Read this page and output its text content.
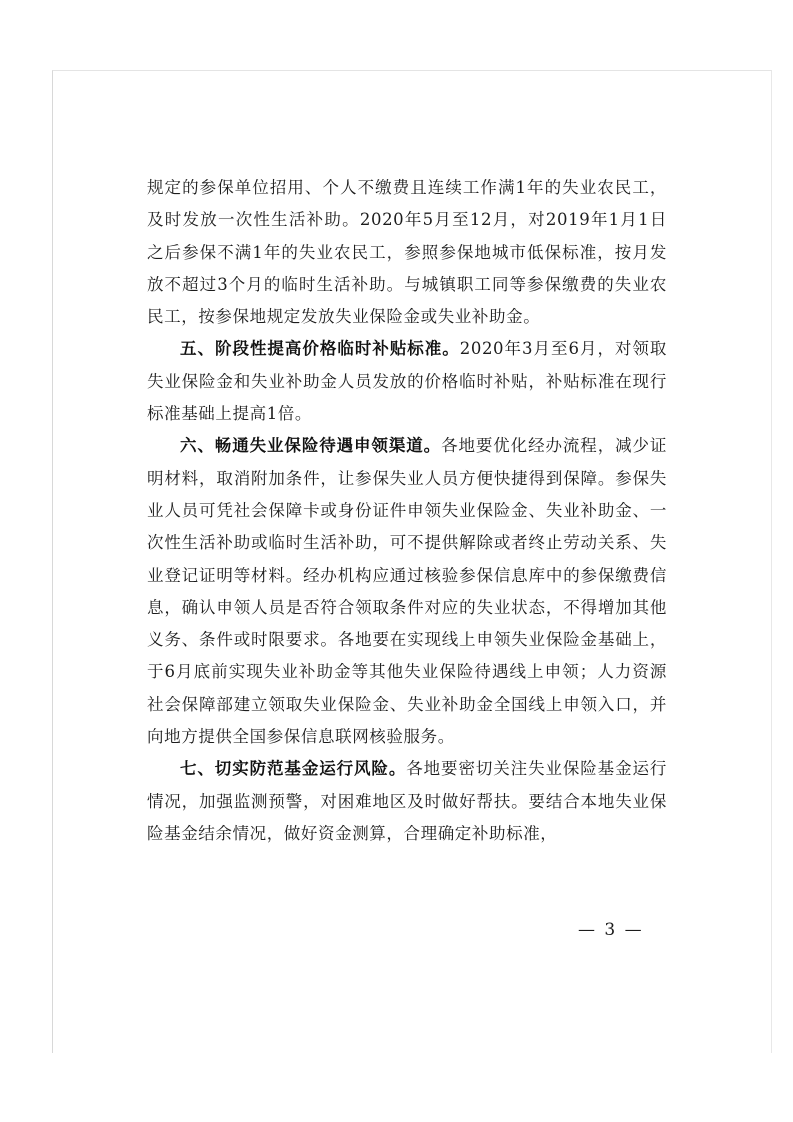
规定的参保单位招用、个人不缴费且连续工作满1年的失业农民工，及时发放一次性生活补助。2020年5月至12月，对2019年1月1日之后参保不满1年的失业农民工，参照参保地城市低保标准，按月发放不超过3个月的临时生活补助。与城镇职工同等参保缴费的失业农民工，按参保地规定发放失业保险金或失业补助金。

五、阶段性提高价格临时补贴标准。2020年3月至6月，对领取失业保险金和失业补助金人员发放的价格临时补贴，补贴标准在现行标准基础上提高1倍。

六、畅通失业保险待遇申领渠道。各地要优化经办流程，减少证明材料，取消附加条件，让参保失业人员方便快捷得到保障。参保失业人员可凭社会保障卡或身份证件申领失业保险金、失业补助金、一次性生活补助或临时生活补助，可不提供解除或者终止劳动关系、失业登记证明等材料。经办机构应通过核验参保信息库中的参保缴费信息，确认申领人员是否符合领取条件对应的失业状态，不得增加其他义务、条件或时限要求。各地要在实现线上申领失业保险金基础上，于6月底前实现失业补助金等其他失业保险待遇线上申领；人力资源社会保障部建立领取失业保险金、失业补助金全国线上申领入口，并向地方提供全国参保信息联网核验服务。

七、切实防范基金运行风险。各地要密切关注失业保险基金运行情况，加强监测预警，对困难地区及时做好帮扶。要结合本地失业保险基金结余情况，做好资金测算，合理确定补助标准，

— 3 —
